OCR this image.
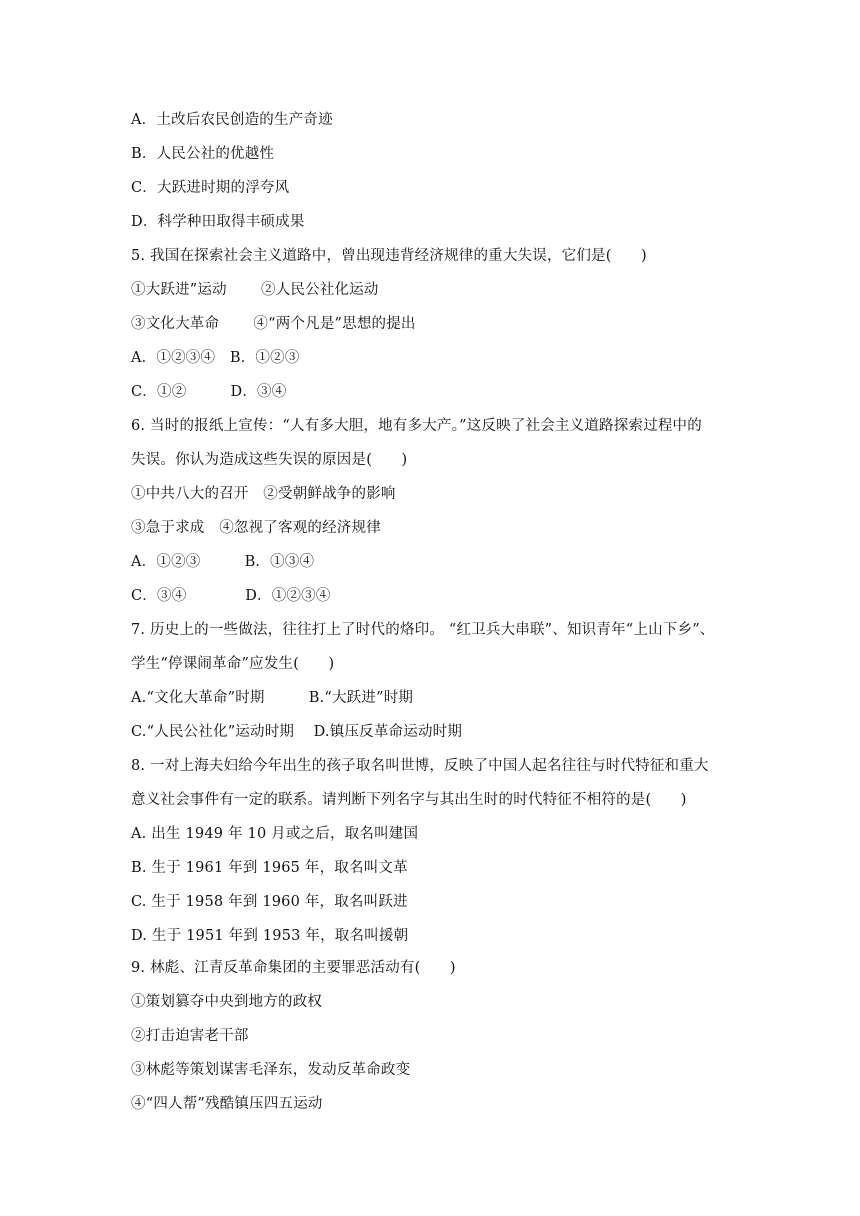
A．土改后农民创造的生产奇迹
B．人民公社的优越性
C．大跃进时期的浮夸风
D．科学种田取得丰硕成果
5. 我国在探索社会主义道路中，曾出现违背经济规律的重大失误，它们是(　　)
①大跃进”运动　　 ②人民公社化运动
③文化大革命　　 ④“两个凡是”思想的提出
A．①②③④　B．①②③
C．①②　　　D．③④
6. 当时的报纸上宣传：“人有多大胆，地有多大产。”这反映了社会主义道路探索过程中的
失误。你认为造成这些失误的原因是(　　)
①中共八大的召开　②受朝鲜战争的影响
③急于求成　④忽视了客观的经济规律
A．①②③　　　B．①③④
C．③④　　　　D．①②③④
7. 历史上的一些做法，往往打上了时代的烙印。 “红卫兵大串联”、知识青年“上山下乡”、
学生“停课闹革命”应发生(　　)
A.“文化大革命”时期　　　B.“大跃进”时期
C.“人民公社化”运动时期　 D.镇压反革命运动时期
8. 一对上海夫妇给今年出生的孩子取名叫世博，反映了中国人起名往往与时代特征和重大
意义社会事件有一定的联系。请判断下列名字与其出生时的时代特征不相符的是(　　)
A. 出生 1949 年 10 月或之后，取名叫建国
B. 生于 1961 年到 1965 年，取名叫文革
C. 生于 1958 年到 1960 年，取名叫跃进
D. 生于 1951 年到 1953 年，取名叫援朝
9. 林彪、江青反革命集团的主要罪恶活动有(　　)
①策划篡夺中央到地方的政权
②打击迫害老干部
③林彪等策划谋害毛泽东，发动反革命政变
④“四人帮”残酷镇压四五运动
